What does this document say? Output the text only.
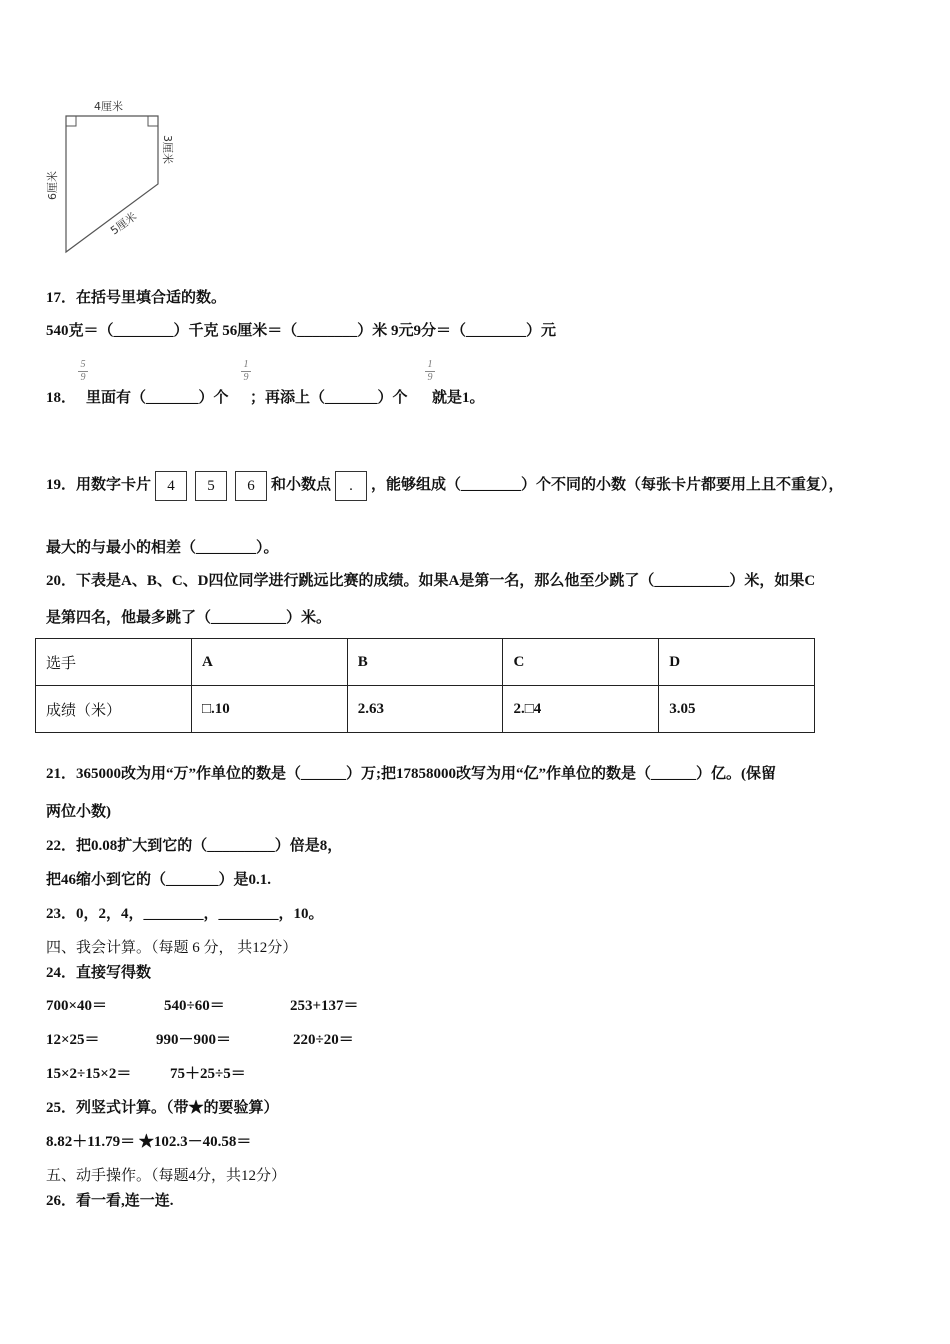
4厘米
6厘米
3厘米
5厘米
17．在括号里填合适的数。
540克＝（________）千克 56厘米＝（________）米 9元9分＝（________）元
5
9
1
9
1
9
18． 里面有（_______）个 ；再添上（_______）个 就是1。
19．用数字卡片 4 5 6 和小数点 . ，能够组成（________）个不同的小数（每张卡片都要用上且不重复），
最大的与最小的相差（________）。
20．下表是A、B、C、D四位同学进行跳远比赛的成绩。如果A是第一名，那么他至少跳了（__________）米，如果C
是第四名，他最多跳了（__________）米。
选手	A	B	C	D
成绩（米）	□.10	2.63	2.□4	3.05
21．365000改为用“万”作单位的数是（______）万;把17858000改写为用“亿”作单位的数是（______）亿。(保留
两位小数)
22．把0.08扩大到它的（_________）倍是8，
把46缩小到它的（_______）是0.1.
23．0，2，4，________，________，10。
四、我会计算。（每题 6 分， 共12分）
24．直接写得数
700×40＝	540÷60＝	253+137＝
12×25＝	990－900＝	220÷20＝
15×2÷15×2＝	75＋25÷5＝
25．列竖式计算。（带★的要验算）
8.82＋11.79＝ ★102.3－40.58＝
五、动手操作。（每题4分，共12分）
26．看一看,连一连.
